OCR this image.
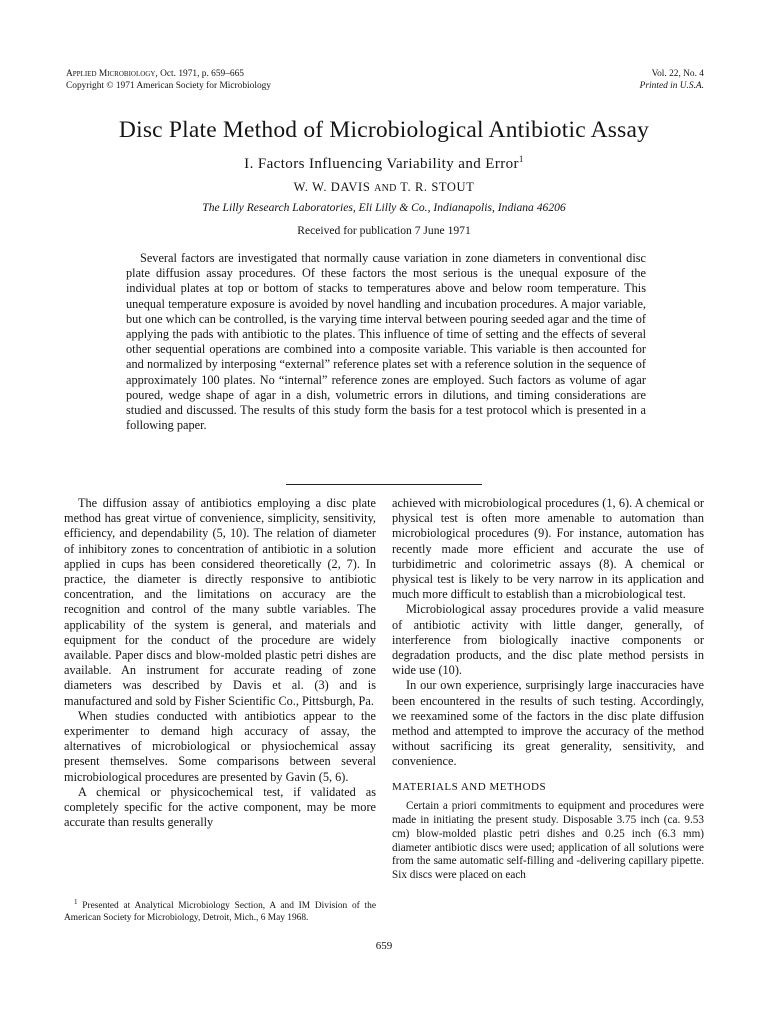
Applied Microbiology, Oct. 1971, p. 659–665
Copyright © 1971 American Society for Microbiology
Vol. 22, No. 4
Printed in U.S.A.
Disc Plate Method of Microbiological Antibiotic Assay
I. Factors Influencing Variability and Error$^1$
W. W. DAVIS AND T. R. STOUT
The Lilly Research Laboratories, Eli Lilly & Co., Indianapolis, Indiana 46206
Received for publication 7 June 1971

Several factors are investigated that normally cause variation in zone diameters in conventional disc plate diffusion assay procedures. Of these factors the most serious is the unequal exposure of the individual plates at top or bottom of stacks to temperatures above and below room temperature. This unequal temperature exposure is avoided by novel handling and incubation procedures. A major variable, but one which can be controlled, is the varying time interval between pouring seeded agar and the time of applying the pads with antibiotic to the plates. This influence of time of setting and the effects of several other sequential operations are combined into a composite variable. This variable is then accounted for and normalized by interposing “external” reference plates set with a reference solution in the sequence of approximately 100 plates. No “internal” reference zones are employed. Such factors as volume of agar poured, wedge shape of agar in a dish, volumetric errors in dilutions, and timing considerations are studied and discussed. The results of this study form the basis for a test protocol which is presented in a following paper.

The diffusion assay of antibiotics employing a disc plate method has great virtue of convenience, simplicity, sensitivity, efficiency, and dependability (5, 10). The relation of diameter of inhibitory zones to concentration of antibiotic in a solution applied in cups has been considered theoretically (2, 7). In practice, the diameter is directly responsive to antibiotic concentration, and the limitations on accuracy are the recognition and control of the many subtle variables. The applicability of the system is general, and materials and equipment for the conduct of the procedure are widely available. Paper discs and blow-molded plastic petri dishes are available. An instrument for accurate reading of zone diameters was described by Davis et al. (3) and is manufactured and sold by Fisher Scientific Co., Pittsburgh, Pa.

When studies conducted with antibiotics appear to the experimenter to demand high accuracy of assay, the alternatives of microbiological or physiochemical assay present themselves. Some comparisons between several microbiological procedures are presented by Gavin (5, 6).

A chemical or physicochemical test, if validated as completely specific for the active component, may be more accurate than results generally

$^1$ Presented at Analytical Microbiology Section, A and IM Division of the American Society for Microbiology, Detroit, Mich., 6 May 1968.

achieved with microbiological procedures (1, 6). A chemical or physical test is often more amenable to automation than microbiological procedures (9). For instance, automation has recently made more efficient and accurate the use of turbidimetric and colorimetric assays (8). A chemical or physical test is likely to be very narrow in its application and much more difficult to establish than a microbiological test.

Microbiological assay procedures provide a valid measure of antibiotic activity with little danger, generally, of interference from biologically inactive components or degradation products, and the disc plate method persists in wide use (10).

In our own experience, surprisingly large inaccuracies have been encountered in the results of such testing. Accordingly, we reexamined some of the factors in the disc plate diffusion method and attempted to improve the accuracy of the method without sacrificing its great generality, sensitivity, and convenience.

MATERIALS AND METHODS

Certain a priori commitments to equipment and procedures were made in initiating the present study. Disposable 3.75 inch (ca. 9.53 cm) blow-molded plastic petri dishes and 0.25 inch (6.3 mm) diameter antibiotic discs were used; application of all solutions were from the same automatic self-filling and -delivering capillary pipette. Six discs were placed on each

659
